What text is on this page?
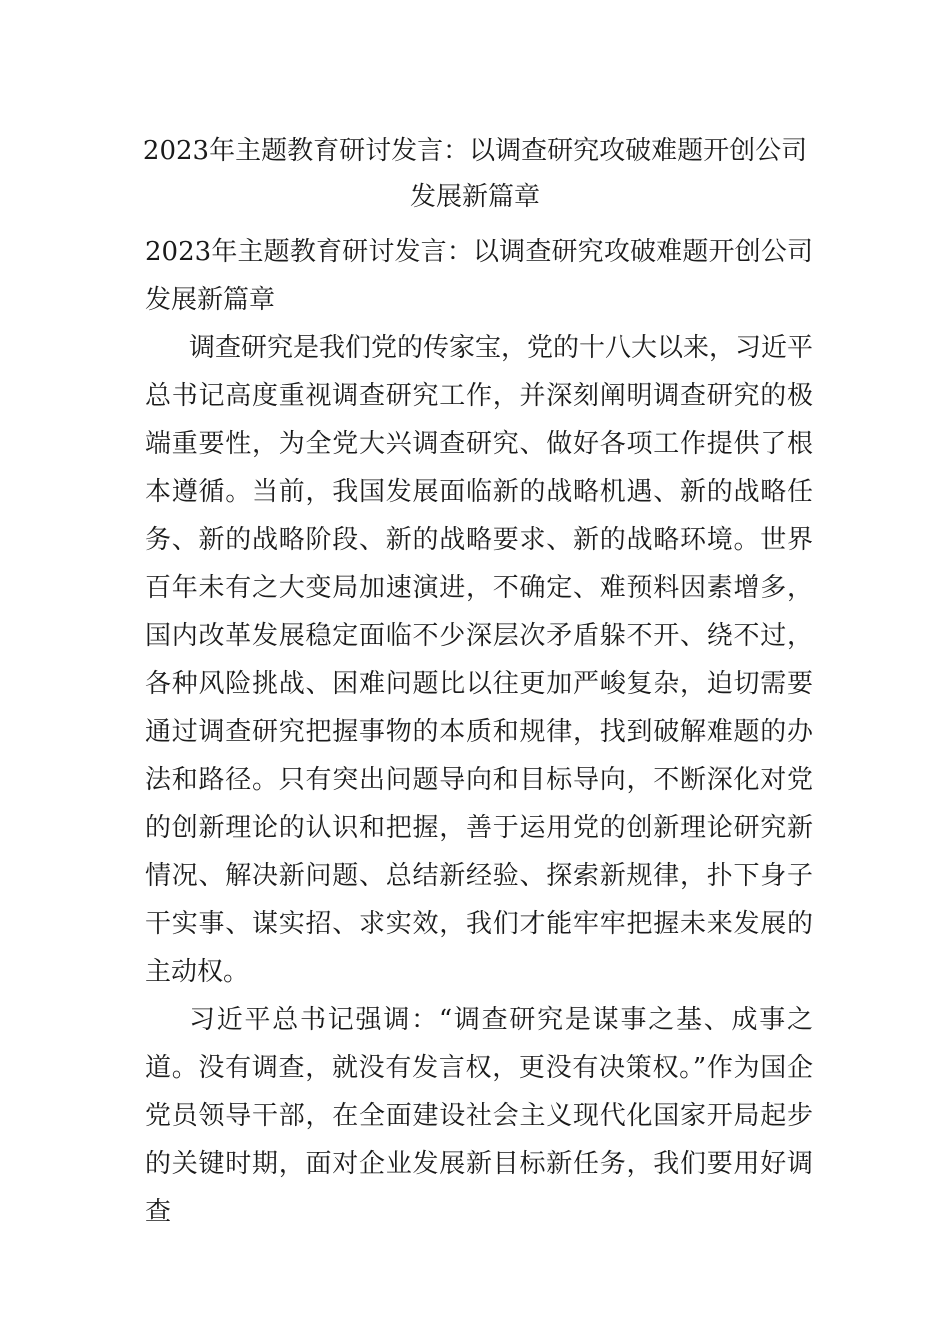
2023年主题教育研讨发言：以调查研究攻破难题开创公司发展新篇章

2023年主题教育研讨发言：以调查研究攻破难题开创公司发展新篇章

调查研究是我们党的传家宝，党的十八大以来，习近平总书记高度重视调查研究工作，并深刻阐明调查研究的极端重要性，为全党大兴调查研究、做好各项工作提供了根本遵循。当前，我国发展面临新的战略机遇、新的战略任务、新的战略阶段、新的战略要求、新的战略环境。世界百年未有之大变局加速演进，不确定、难预料因素增多，国内改革发展稳定面临不少深层次矛盾躲不开、绕不过，各种风险挑战、困难问题比以往更加严峻复杂，迫切需要通过调查研究把握事物的本质和规律，找到破解难题的办法和路径。只有突出问题导向和目标导向，不断深化对党的创新理论的认识和把握，善于运用党的创新理论研究新情况、解决新问题、总结新经验、探索新规律，扑下身子干实事、谋实招、求实效，我们才能牢牢把握未来发展的主动权。

习近平总书记强调：“调查研究是谋事之基、成事之道。没有调查，就没有发言权，更没有决策权。”作为国企党员领导干部，在全面建设社会主义现代化国家开局起步的关键时期，面对企业发展新目标新任务，我们要用好调查
